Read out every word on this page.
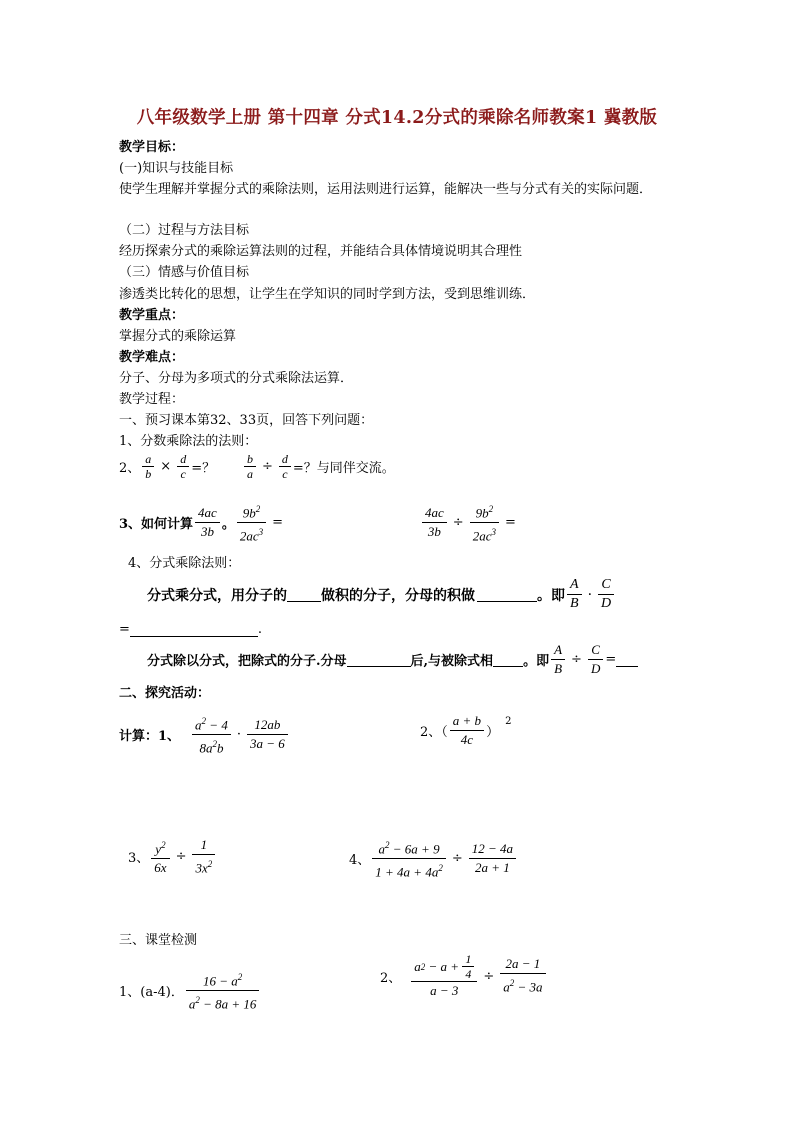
八年级数学上册 第十四章 分式14.2分式的乘除名师教案1 冀教版
教学目标：
(一)知识与技能目标
使学生理解并掌握分式的乘除法则，运用法则进行运算，能解决一些与分式有关的实际问题．
（二）过程与方法目标
经历探索分式的乘除运算法则的过程，并能结合具体情境说明其合理性
（三）情感与价值目标
渗透类比转化的思想，让学生在学知识的同时学到方法，受到思维训练．
教学重点：
掌握分式的乘除运算
教学难点：
分子、分母为多项式的分式乘除法运算．
教学过程：
一、预习课本第32、33页，回答下列问题：
1、分数乘除法的法则：
2、 $\frac{a}{b} \times \frac{d}{c}$ =？ $\frac{b}{a} \div \frac{d}{c}$ =？与同伴交流。
3、如何计算 $\frac{4ac}{3b}$ 。 $\frac{9b^2}{2ac^3}$ =	$\frac{4ac}{3b} \div \frac{9b^2}{2ac^3}$ =
4、分式乘除法则：
分式乘分式，用分子的 做积的分子，分母的积做	。即 $\frac{A}{B} \cdot \frac{C}{D}$
=	.
分式除以分式，把除式的分子.分母	后,与被除式相 。即 $\frac{A}{B} \div \frac{C}{D}$ =
二、探究活动：
计算：1、 $\frac{a^2 - 4}{8a^2b} \cdot \frac{12ab}{3a - 6}$	2、（ $\frac{a + b}{4c}$ ）
2
3、 $\frac{y^2}{6x} \div \frac{1}{3x^2}$	4、 $\frac{a^2 - 6a + 9}{1 + 4a + 4a^2} \div \frac{12 - 4a}{2a + 1}$
三、课堂检测
1、(a-4)． $\frac{16 - a^2}{a^2 - 8a + 16}$	2、 $\frac{a 2 - a + \frac{1}{4}}{a - 3} \div \frac{2a - 1}{a^2 - 3a}$
